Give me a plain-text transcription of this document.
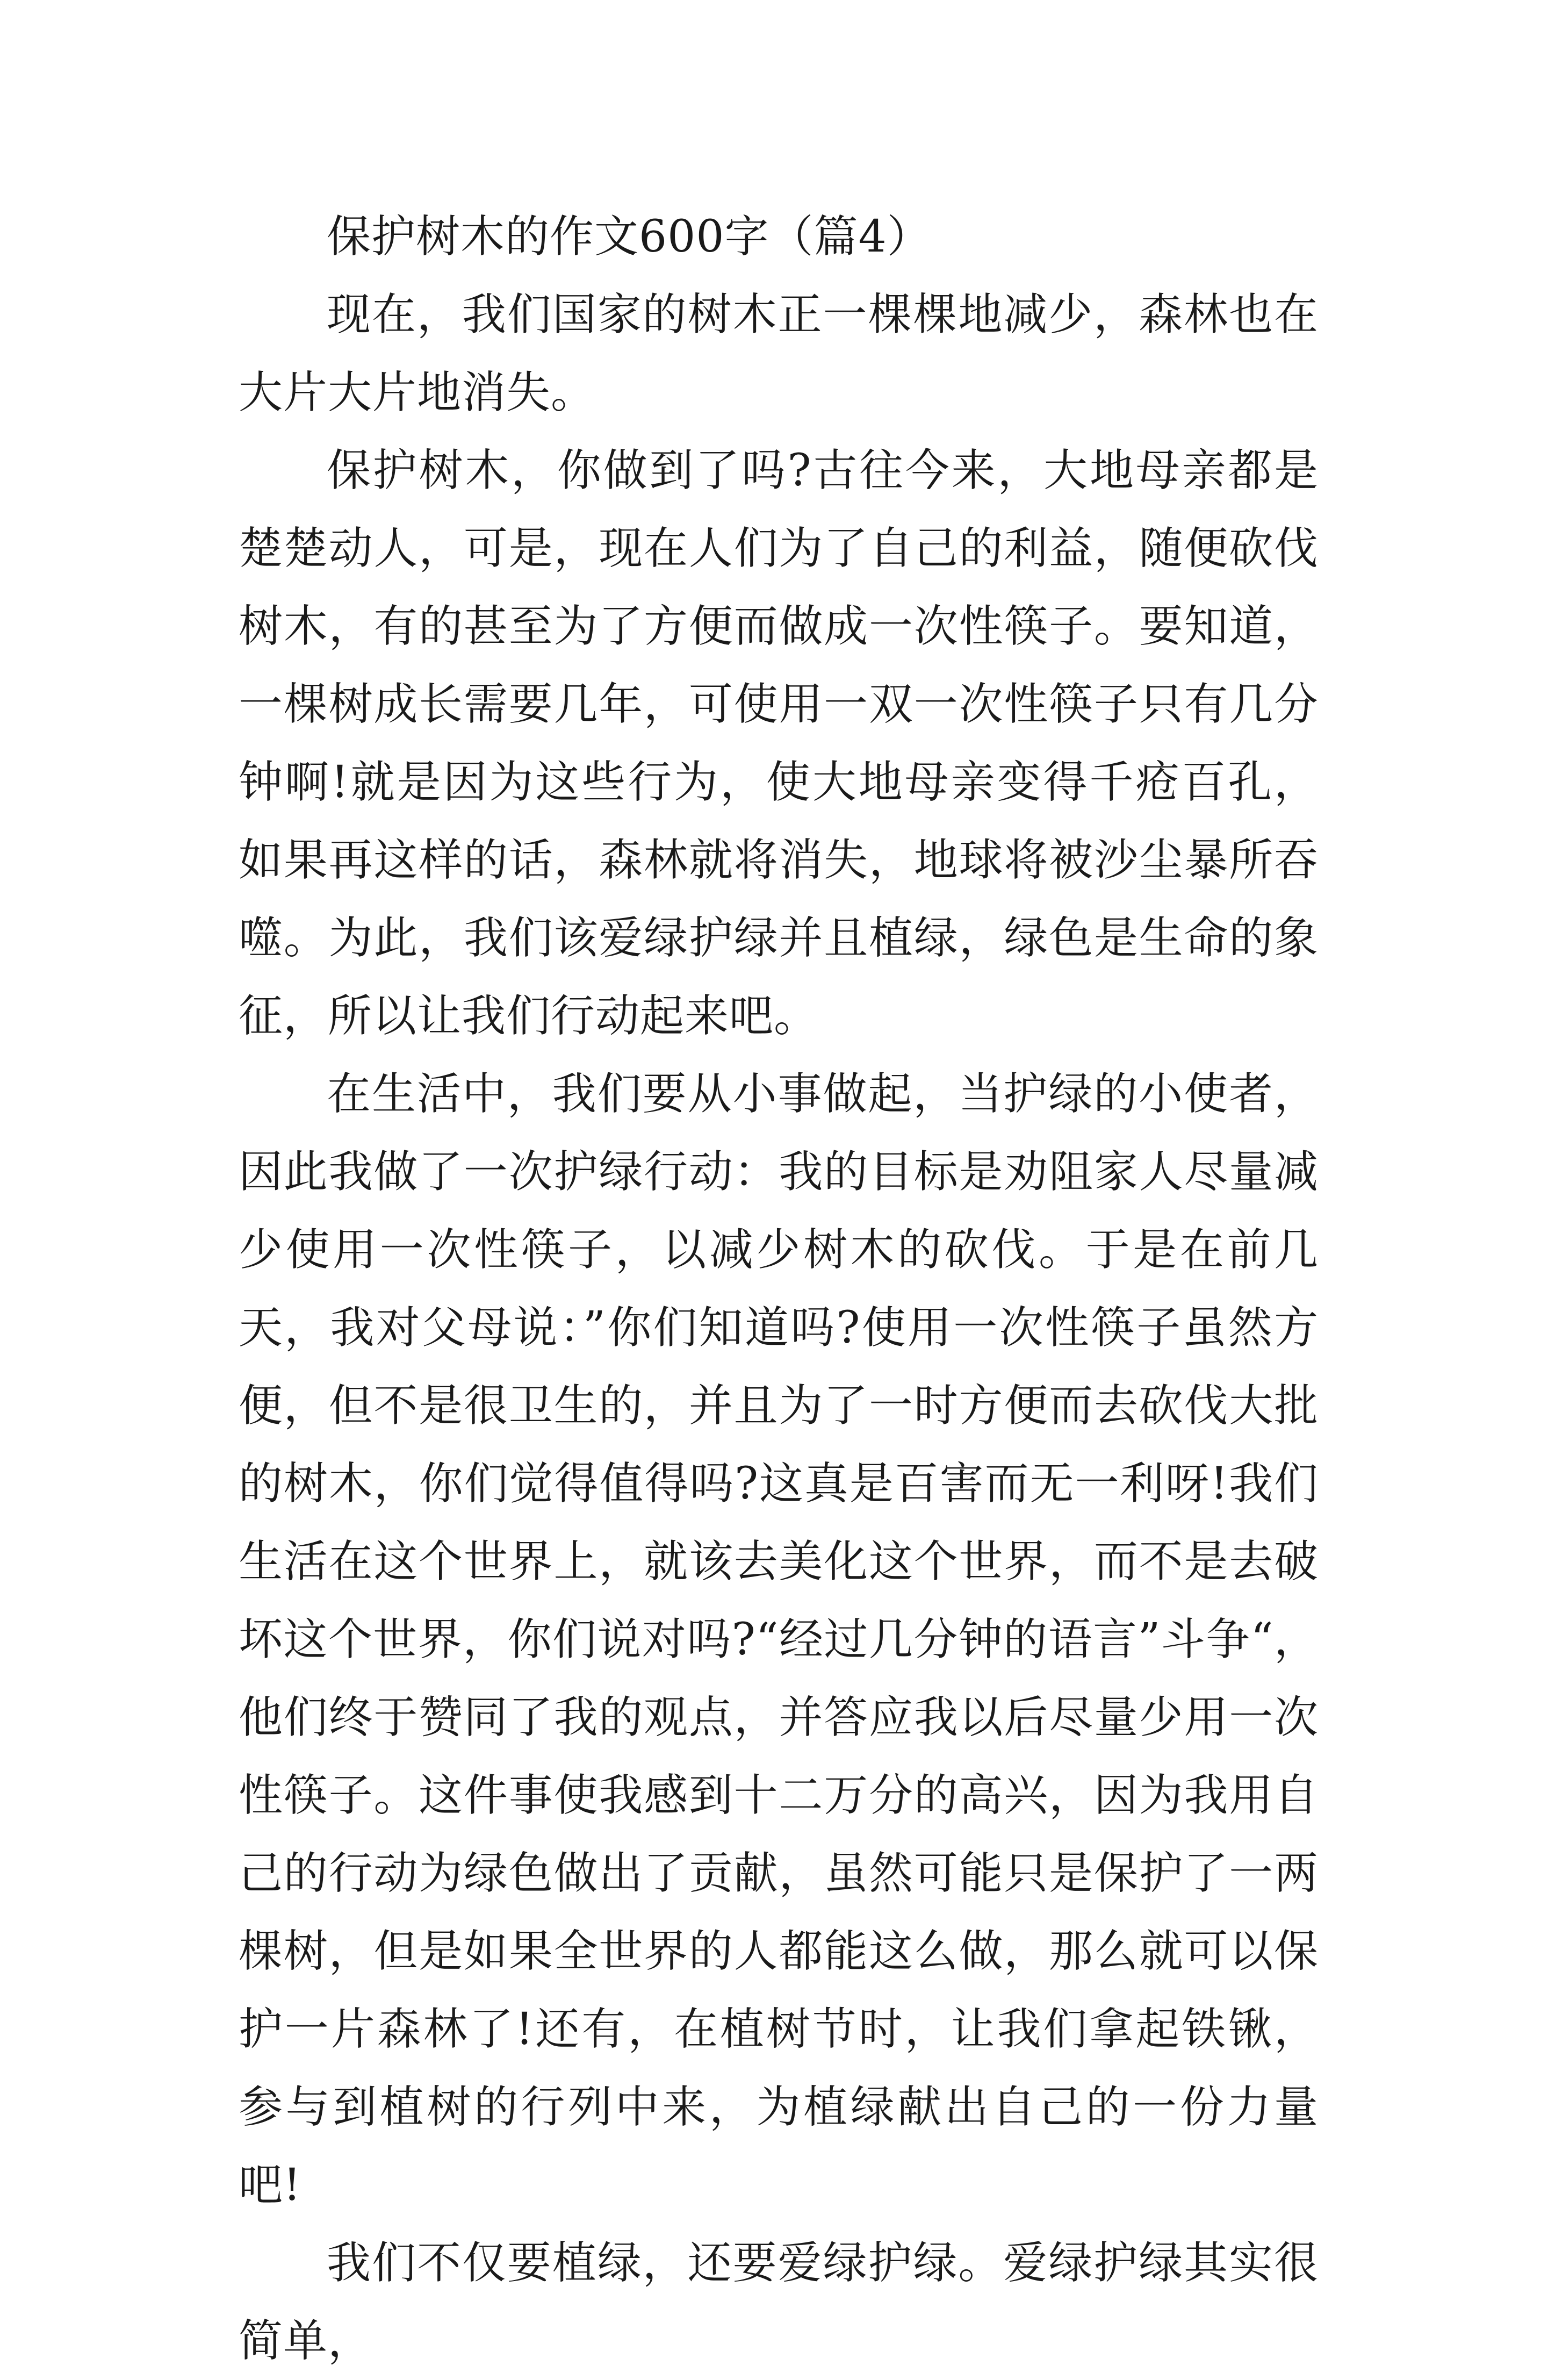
保护树木的作文600字（篇4）

现在，我们国家的树木正一棵棵地减少，森林也在大片大片地消失。

保护树木，你做到了吗?古往今来，大地母亲都是楚楚动人，可是，现在人们为了自己的利益，随便砍伐树木，有的甚至为了方便而做成一次性筷子。要知道，一棵树成长需要几年，可使用一双一次性筷子只有几分钟啊!就是因为这些行为，使大地母亲变得千疮百孔，如果再这样的话，森林就将消失，地球将被沙尘暴所吞噬。为此，我们该爱绿护绿并且植绿，绿色是生命的象征，所以让我们行动起来吧。

在生活中，我们要从小事做起，当护绿的小使者，因此我做了一次护绿行动：我的目标是劝阻家人尽量减少使用一次性筷子，以减少树木的砍伐。于是在前几天，我对父母说：”你们知道吗?使用一次性筷子虽然方便，但不是很卫生的，并且为了一时方便而去砍伐大批的树木，你们觉得值得吗?这真是百害而无一利呀!我们生活在这个世界上，就该去美化这个世界，而不是去破坏这个世界，你们说对吗?“经过几分钟的语言”斗争“，他们终于赞同了我的观点，并答应我以后尽量少用一次性筷子。这件事使我感到十二万分的高兴，因为我用自己的行动为绿色做出了贡献，虽然可能只是保护了一两棵树，但是如果全世界的人都能这么做，那么就可以保护一片森林了!还有，在植树节时，让我们拿起铁锹，参与到植树的行列中来，为植绿献出自己的一份力量吧!

我们不仅要植绿，还要爱绿护绿。爱绿护绿其实很简单，
